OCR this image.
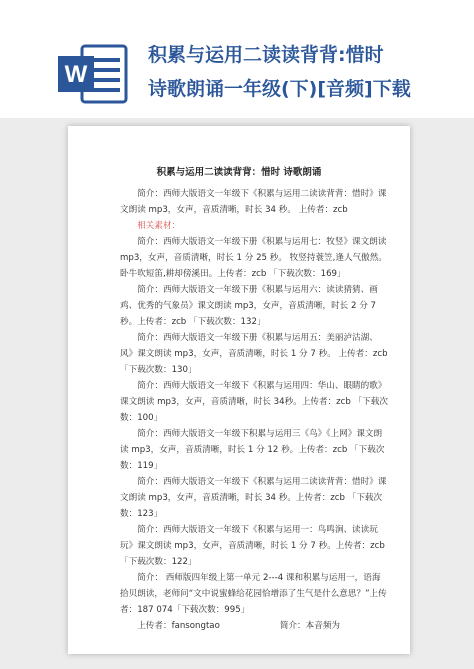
W
积累与运用二读读背背:惜时
诗歌朗诵一年级(下)[音频]下载
积累与运用二读读背背：惜时 诗歌朗诵

简介：西师大版语文一年级下《积累与运用二读读背背：惜时》课文朗读 mp3，女声，音质清晰，时长 34 秒。 上传者：zcb

相关素材：

简介：西师大版语文一年级下册《积累与运用七：牧竖》课文朗读 mp3，女声，音质清晰，时长 1 分 25 秒。 牧竖持蓑笠,逢人气傲然。卧牛吹短笛,耕却傍溪田。上传者：zcb 「下载次数：169」

简介：西师大版语文一年级下册《积累与运用六：读读猜猜、画鸡、优秀的气象员》课文朗读 mp3，女声，音质清晰，时长 2 分 7 秒。上传者：zcb 「下载次数：132」

简介：西师大版语文一年级下册《积累与运用五：美丽泸沽湖、风》课文朗读 mp3，女声，音质清晰，时长 1 分 7 秒。 上传者：zcb 「下载次数：130」

简介：西师大版语文一年级下《积累与运用四：华山、眼睛的歌》课文朗读 mp3，女声，音质清晰，时长 34秒。上传者：zcb 「下载次数：100」

简介：西师大版语文一年级下积累与运用三《鸟》《上网》课文朗读 mp3，女声，音质清晰，时长 1 分 12 秒。上传者：zcb 「下载次数：119」

简介：西师大版语文一年级下《积累与运用二读读背背：惜时》课文朗读 mp3，女声，音质清晰，时长 34 秒。上传者：zcb 「下载次数：123」

简介：西师大版语文一年级下《积累与运用一：鸟鸣涧、读读玩玩》课文朗读 mp3，女声，音质清晰，时长 1 分 7 秒。上传者：zcb 「下载次数：122」

简介： 西师版四年级上第一单元 2---4 课和积累与运用一，语海拾贝朗读，老师问“文中说蜜蜂给花园恰增添了生气是什么意思？”上传者：187 074「下载次数：995」

上传者：fansongtao	简介：本音频为
